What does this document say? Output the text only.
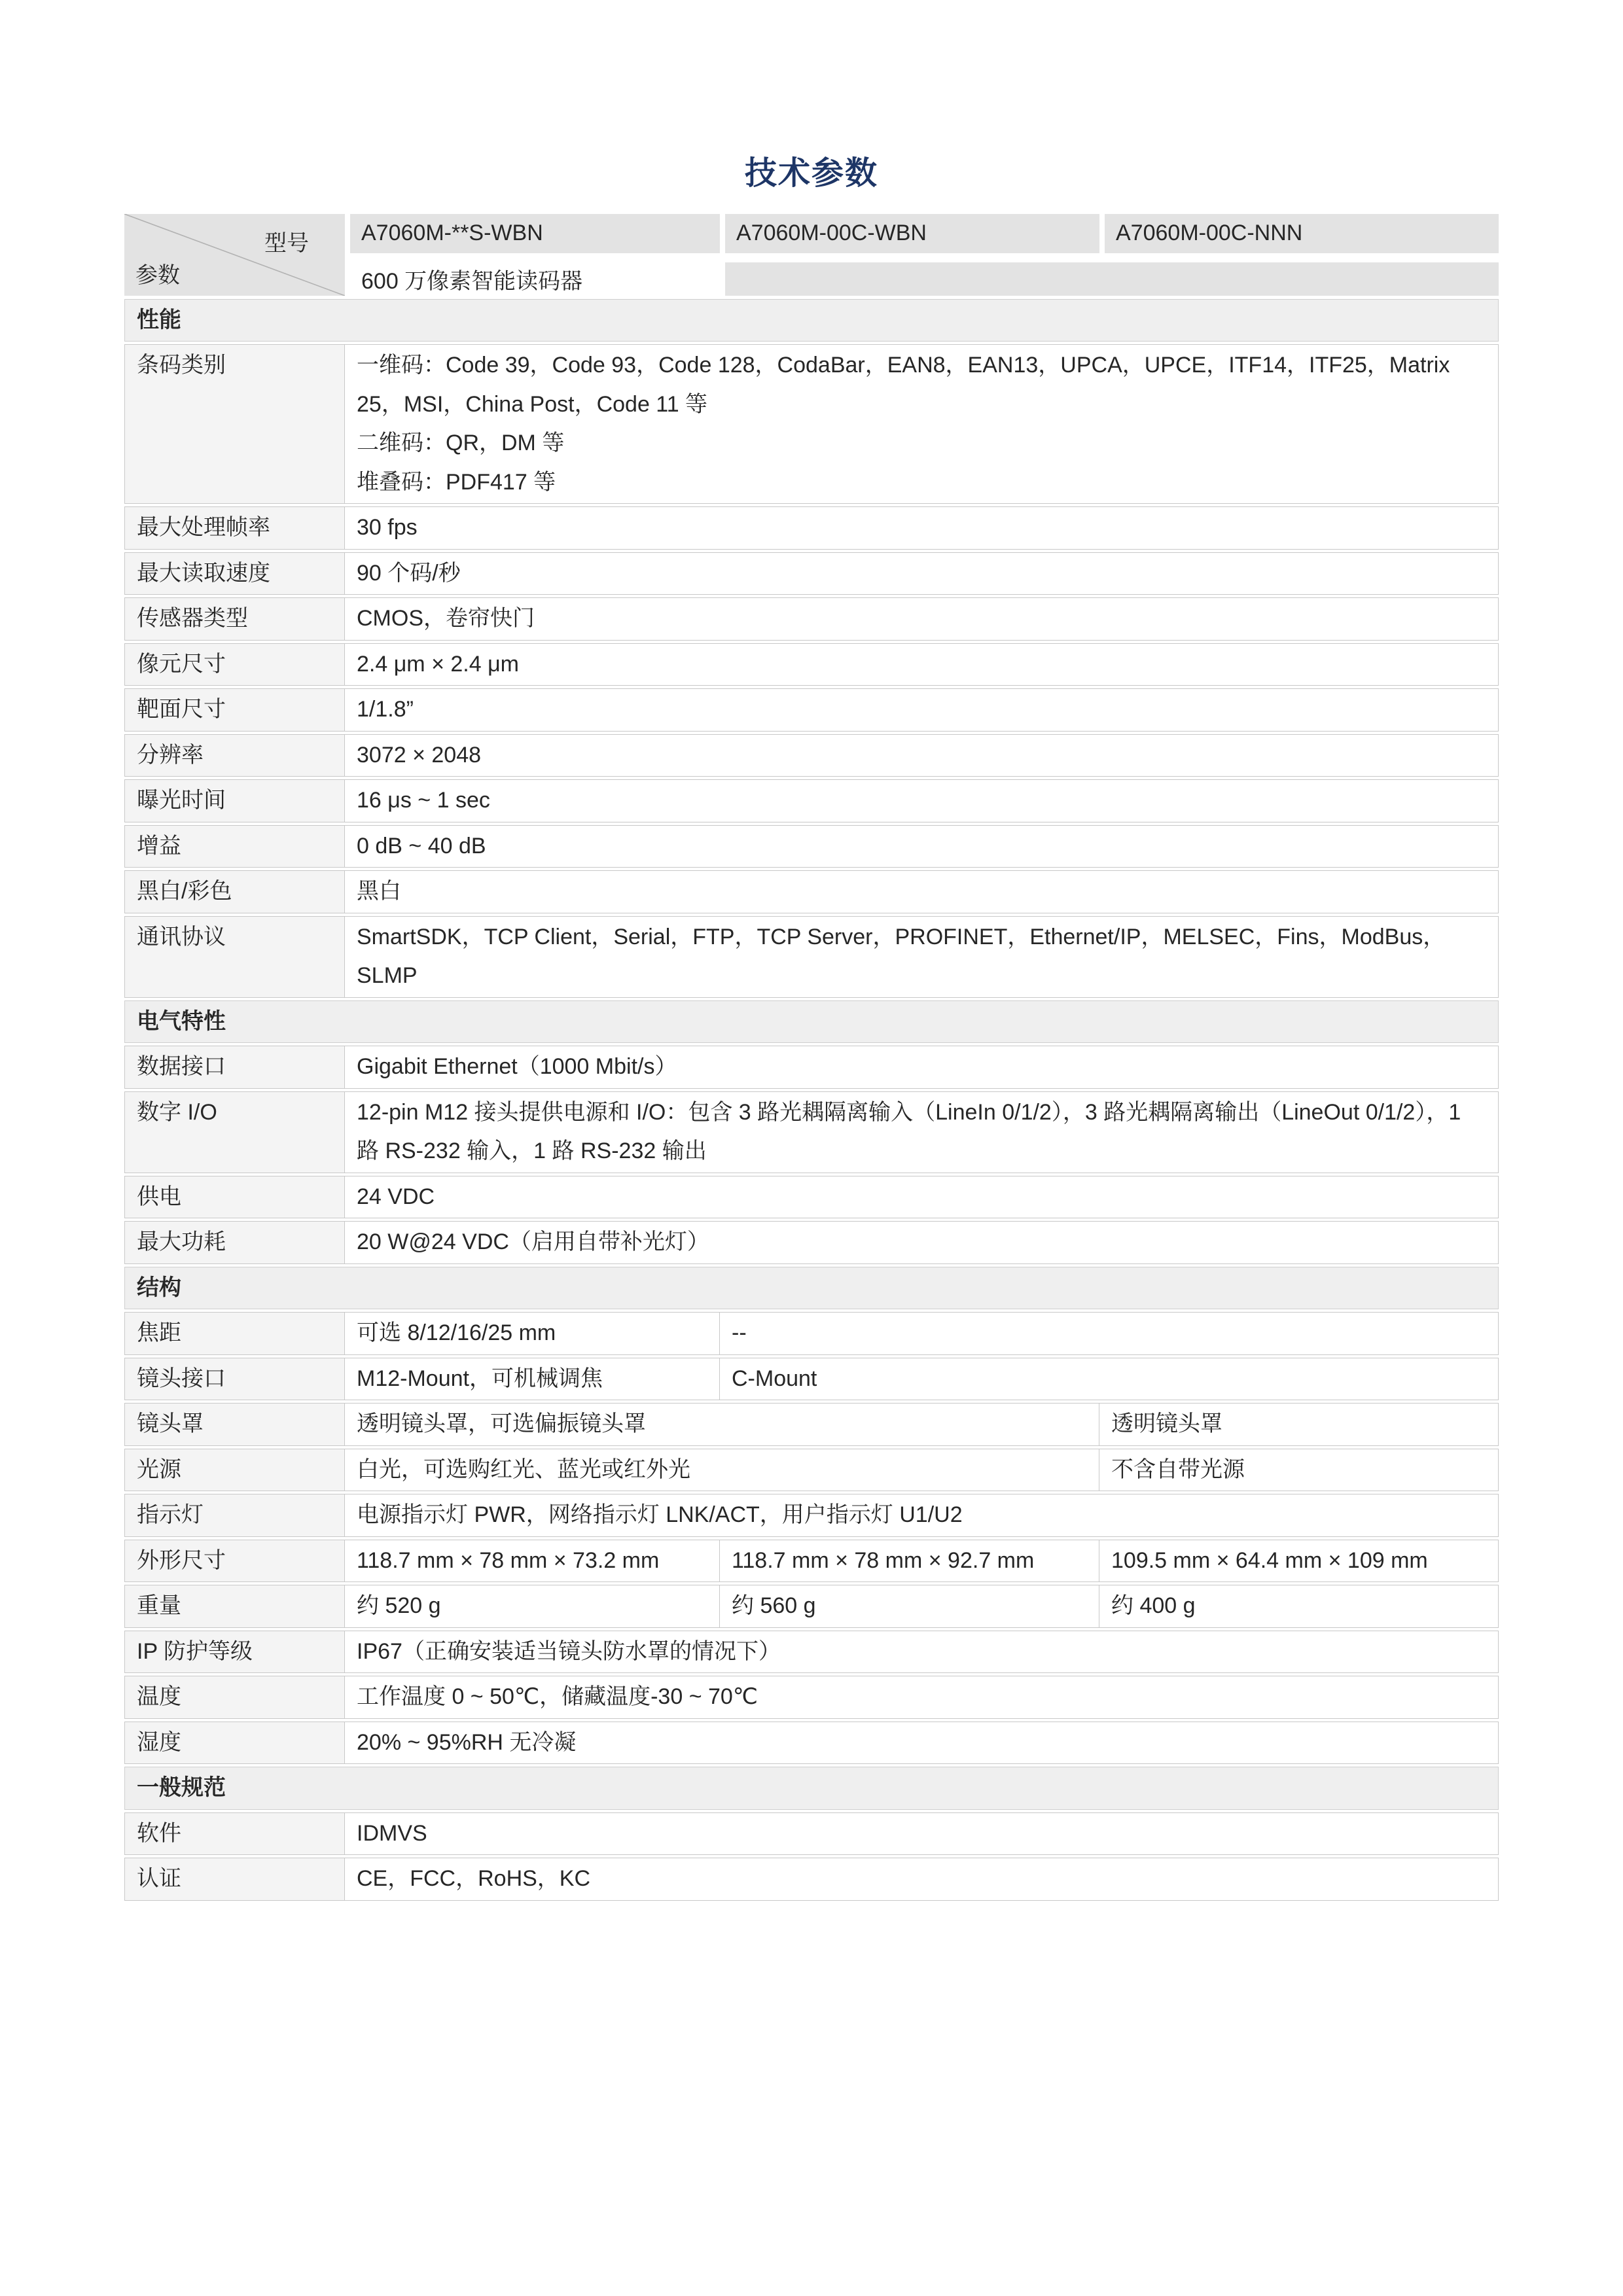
技术参数
型号
参数
A7060M-**S-WBN	A7060M-00C-WBN	A7060M-00C-NNN
600 万像素智能读码器
性能
条码类别	一维码：Code 39，Code 93，Code 128，CodaBar，EAN8，EAN13，UPCA，UPCE，ITF14，ITF25，Matrix 25，MSI，China Post，Code 11 等
二维码：QR，DM 等
堆叠码：PDF417 等
最大处理帧率	30 fps
最大读取速度	90 个码/秒
传感器类型	CMOS，卷帘快门
像元尺寸	2.4 μm × 2.4 μm
靶面尺寸	1/1.8”
分辨率	3072 × 2048
曝光时间	16 μs ~ 1 sec
增益	0 dB ~ 40 dB
黑白/彩色	黑白
通讯协议	SmartSDK，TCP Client，Serial，FTP，TCP Server，PROFINET，Ethernet/IP，MELSEC，Fins，ModBus，SLMP
电气特性
数据接口	Gigabit Ethernet（1000 Mbit/s）
数字 I/O	12-pin M12 接头提供电源和 I/O：包含 3 路光耦隔离输入（LineIn 0/1/2），3 路光耦隔离输出（LineOut 0/1/2），1 路 RS-232 输入，1 路 RS-232 输出
供电	24 VDC
最大功耗	20 W@24 VDC（启用自带补光灯）
结构
焦距	可选 8/12/16/25 mm	--
镜头接口	M12-Mount，可机械调焦	C-Mount
镜头罩	透明镜头罩，可选偏振镜头罩	透明镜头罩
光源	白光，可选购红光、蓝光或红外光	不含自带光源
指示灯	电源指示灯 PWR，网络指示灯 LNK/ACT，用户指示灯 U1/U2
外形尺寸	118.7 mm × 78 mm × 73.2 mm	118.7 mm × 78 mm × 92.7 mm	109.5 mm × 64.4 mm × 109 mm
重量	约 520 g	约 560 g	约 400 g
IP 防护等级	IP67（正确安装适当镜头防水罩的情况下）
温度	工作温度 0 ~ 50℃，储藏温度-30 ~ 70℃
湿度	20% ~ 95%RH 无冷凝
一般规范
软件	IDMVS
认证	CE，FCC，RoHS，KC
